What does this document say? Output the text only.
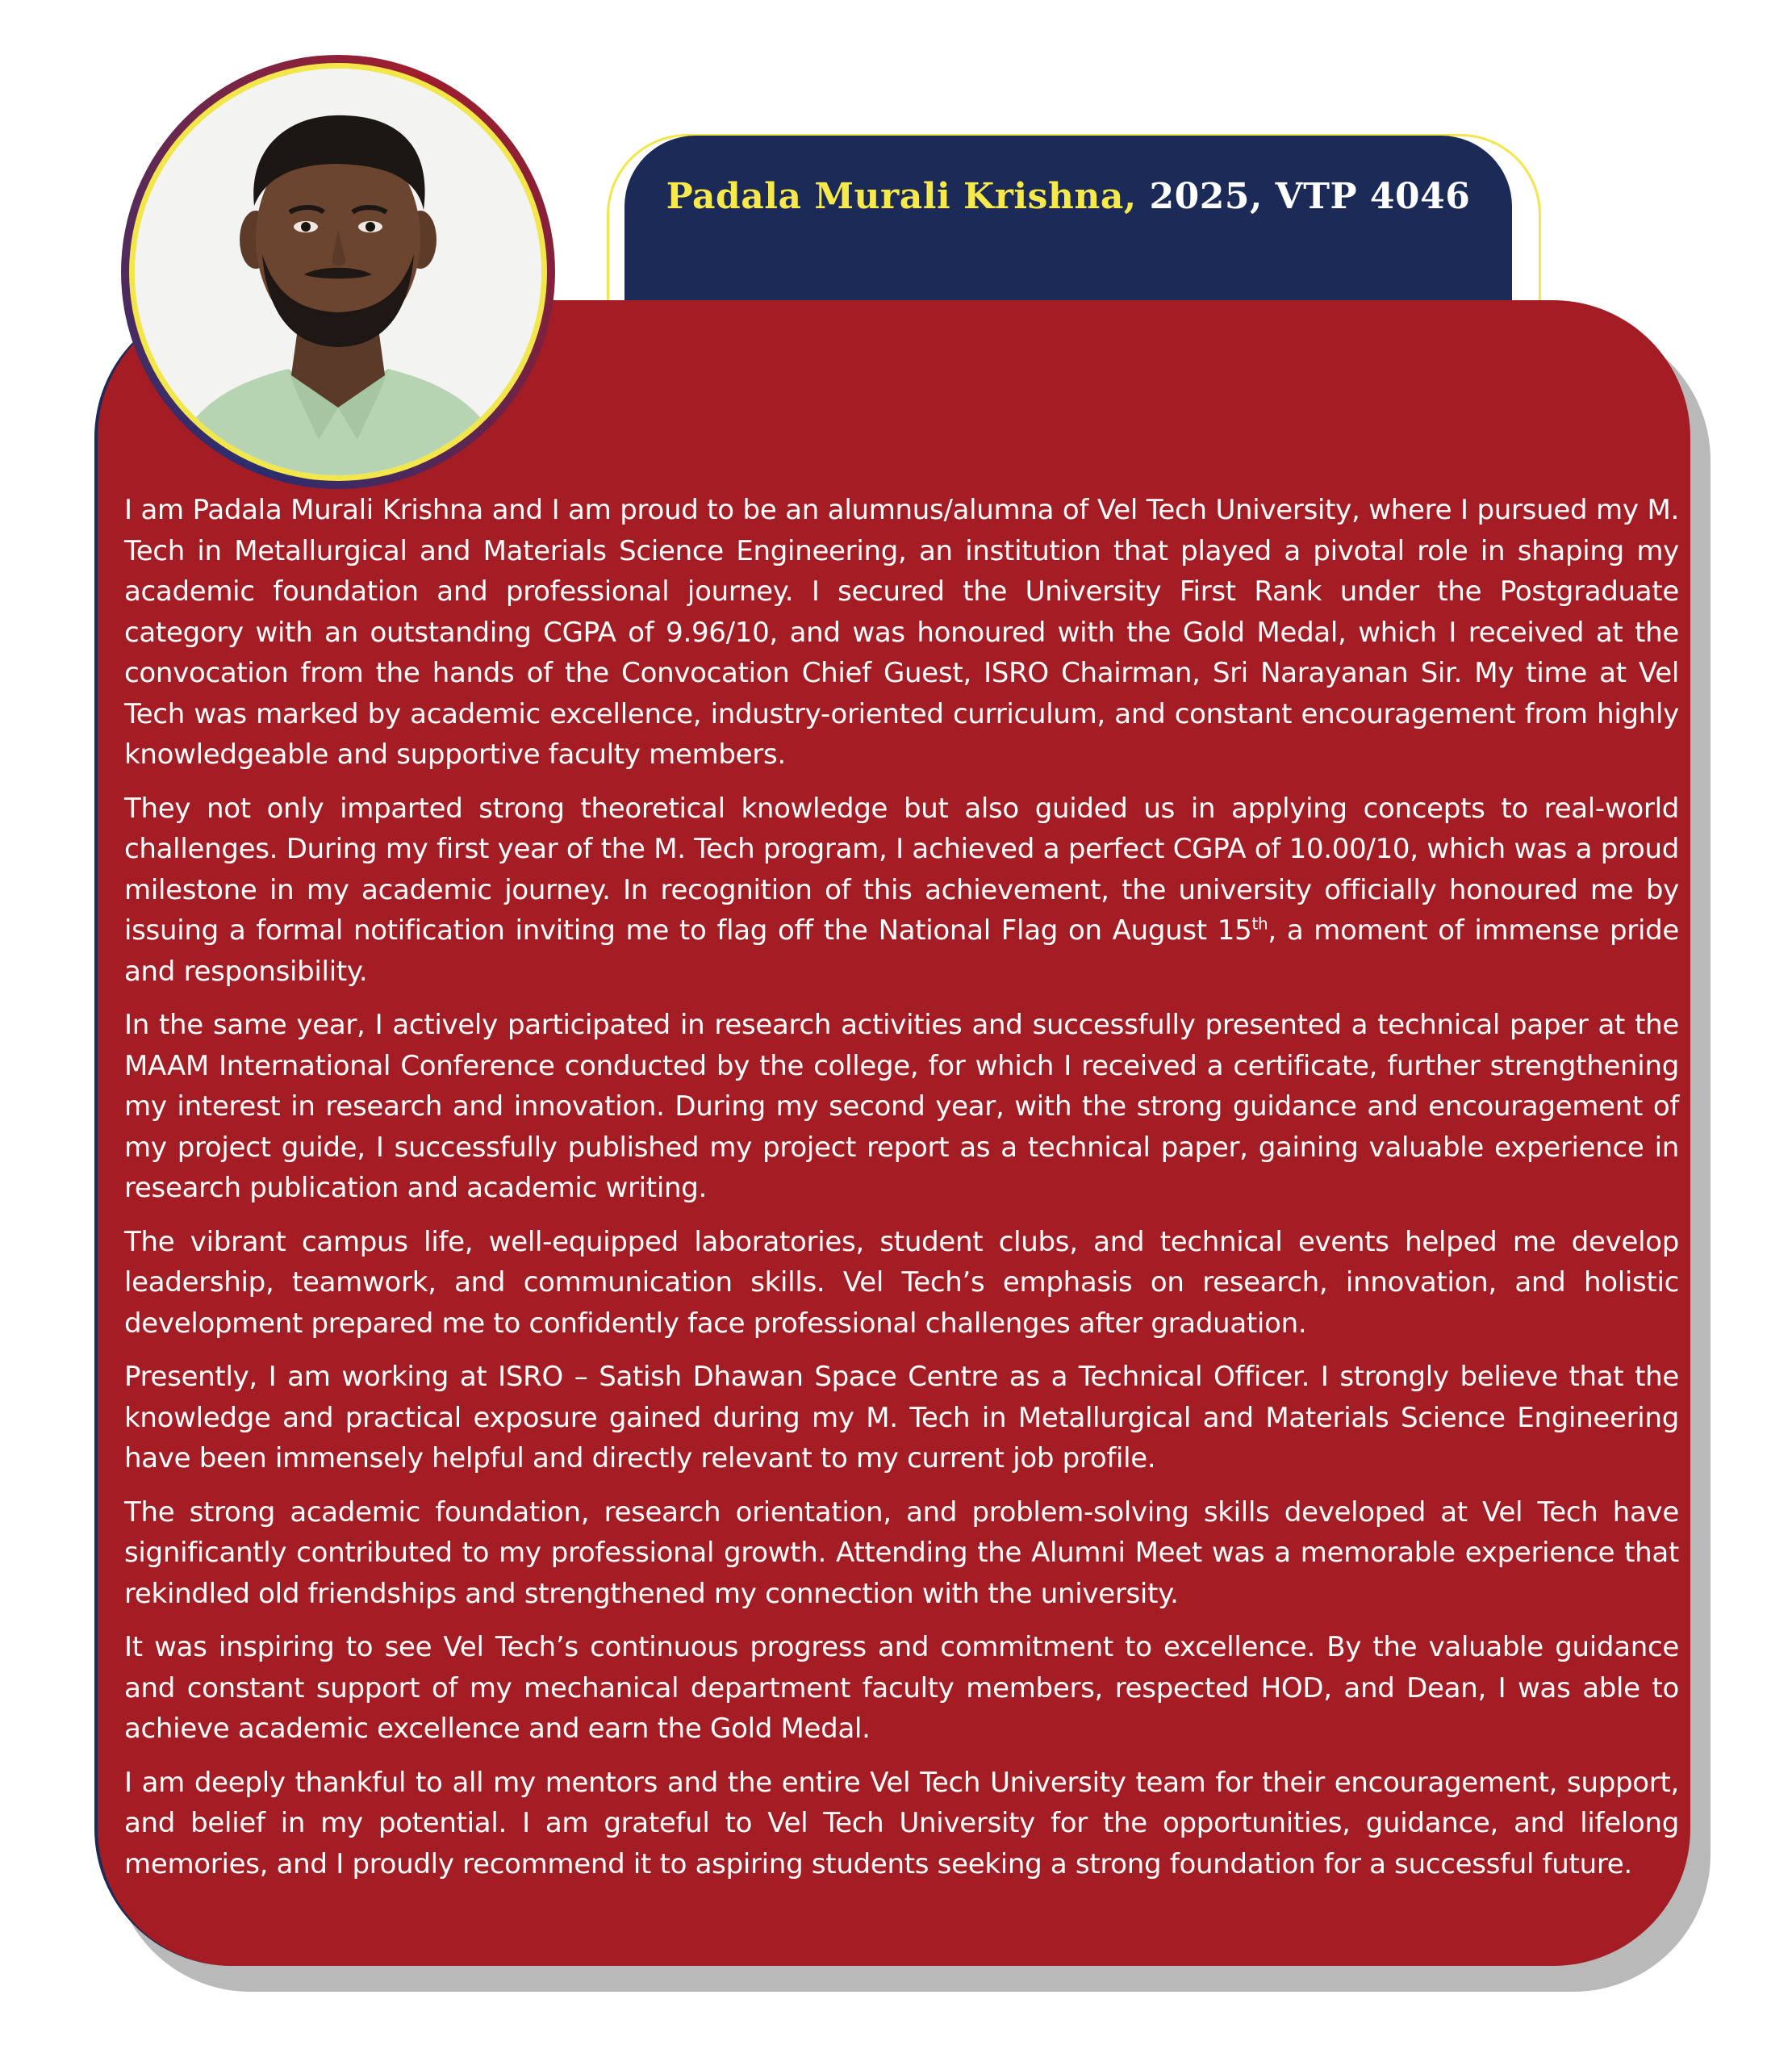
Padala Murali Krishna, 2025, VTP 4046

I am Padala Murali Krishna and I am proud to be an alumnus/alumna of Vel Tech University, where I pursued my M. Tech in Metallurgical and Materials Science Engineering, an institution that played a pivotal role in shaping my academic foundation and professional journey. I secured the University First Rank under the Postgraduate category with an outstanding CGPA of 9.96/10, and was honoured with the Gold Medal, which I received at the convocation from the hands of the Convocation Chief Guest, ISRO Chairman, Sri Narayanan Sir. My time at Vel Tech was marked by academic excellence, industry-oriented curriculum, and constant encouragement from highly knowledgeable and supportive faculty members.

They not only imparted strong theoretical knowledge but also guided us in applying concepts to real-world challenges. During my first year of the M. Tech program, I achieved a perfect CGPA of 10.00/10, which was a proud milestone in my academic journey. In recognition of this achievement, the university officially honoured me by issuing a formal notification inviting me to flag off the National Flag on August 15th, a moment of immense pride and responsibility.

In the same year, I actively participated in research activities and successfully presented a technical paper at the MAAM International Conference conducted by the college, for which I received a certificate, further strengthening my interest in research and innovation. During my second year, with the strong guidance and encouragement of my project guide, I successfully published my project report as a technical paper, gaining valuable experience in research publication and academic writing.

The vibrant campus life, well-equipped laboratories, student clubs, and technical events helped me develop leadership, teamwork, and communication skills. Vel Tech’s emphasis on research, innovation, and holistic development prepared me to confidently face professional challenges after graduation.

Presently, I am working at ISRO – Satish Dhawan Space Centre as a Technical Officer. I strongly believe that the knowledge and practical exposure gained during my M. Tech in Metallurgical and Materials Science Engineering have been immensely helpful and directly relevant to my current job profile.

The strong academic foundation, research orientation, and problem-solving skills developed at Vel Tech have significantly contributed to my professional growth. Attending the Alumni Meet was a memorable experience that rekindled old friendships and strengthened my connection with the university.

It was inspiring to see Vel Tech’s continuous progress and commitment to excellence. By the valuable guidance and constant support of my mechanical department faculty members, respected HOD, and Dean, I was able to achieve academic excellence and earn the Gold Medal.

I am deeply thankful to all my mentors and the entire Vel Tech University team for their encouragement, support, and belief in my potential. I am grateful to Vel Tech University for the opportunities, guidance, and lifelong memories, and I proudly recommend it to aspiring students seeking a strong foundation for a successful future.
